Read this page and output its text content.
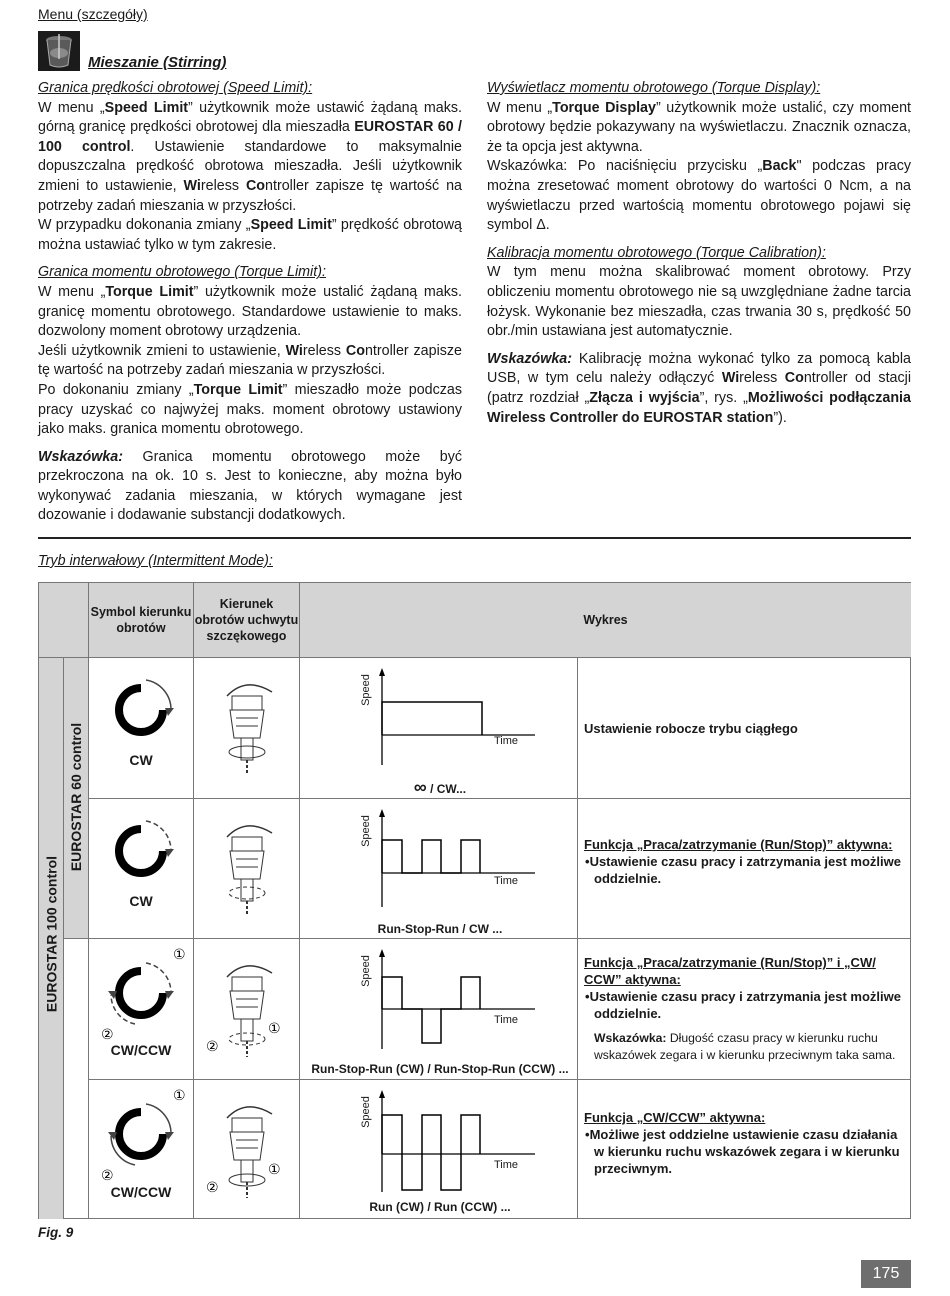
Menu (szczegóły)
Mieszanie (Stirring)

Granica prędkości obrotowej (Speed Limit):

W menu „Speed Limit” użytkownik może ustawić żądaną maks. górną granicę prędkości obrotowej dla mieszadła EUROSTAR 60 / 100 control. Ustawienie standardowe to maksymalnie dopuszczalna prędkość obrotowa mieszadła. Jeśli użytkownik zmieni to ustawienie, Wireless Controller zapisze tę wartość na potrzeby zadań mieszania w przyszłości.

W przypadku dokonania zmiany „Speed Limit” prędkość obrotową można ustawiać tylko w tym zakresie.

Granica momentu obrotowego (Torque Limit):

W menu „Torque Limit” użytkownik może ustalić żądaną maks. granicę momentu obrotowego. Standardowe ustawienie to maks. dozwolony moment obrotowy urządzenia.

Jeśli użytkownik zmieni to ustawienie, Wireless Controller zapisze tę wartość na potrzeby zadań mieszania w przyszłości.

Po dokonaniu zmiany „Torque Limit” mieszadło może podczas pracy uzyskać co najwyżej maks. moment obrotowy ustawiony jako maks. granica momentu obrotowego.

Wskazówka: Granica momentu obrotowego może być przekroczona na ok. 10 s. Jest to konieczne, aby można było wykonywać zadania mieszania, w których wymagane jest dozowanie i dodawanie substancji dodatkowych.

Wyświetlacz momentu obrotowego (Torque Display):

W menu „Torque Display” użytkownik może ustalić, czy moment obrotowy będzie pokazywany na wyświetlaczu. Znacznik oznacza, że ta opcja jest aktywna.

Wskazówka: Po naciśnięciu przycisku „Back" podczas pracy można zresetować moment obrotowy do wartości 0 Ncm, a na wyświetlaczu przed wartością momentu obrotowego pojawi się symbol Δ.

Kalibracja momentu obrotowego (Torque Calibration):

W tym menu można skalibrować moment obrotowy. Przy obliczeniu momentu obrotowego nie są uwzględniane żadne tarcia łożysk. Wykonanie bez mieszadła, czas trwania 30 s, prędkość 50 obr./min ustawiana jest automatycznie.

Wskazówka: Kalibrację można wykonać tylko za pomocą kabla USB, w tym celu należy odłączyć Wireless Controller od stacji (patrz rozdział „Złącza i wyjścia”, rys. „Możliwości podłączania Wireless Controller do EUROSTAR station”).

Tryb interwałowy (Intermittent Mode):
Symbol kierunku obrotów
Kierunek obrotów uchwytu szczękowego
Wykres
EUROSTAR 100 control
EUROSTAR 60 control	CW
Speed
Time
∞ / CW...
Ustawienie robocze trybu ciągłego
CW
Speed
Time
Run-Stop-Run / CW ...
Funkcja „Praca/zatrzymanie (Run/Stop)” aktywna:
•Ustawienie czasu pracy i zatrzymania jest możliwe oddzielnie.
①
②
CW/CCW
①
②
Speed
Time
Run-Stop-Run (CW) / Run-Stop-Run (CCW) ...
Funkcja „Praca/zatrzymanie (Run/Stop)” i „CW/ CCW” aktywna:
•Ustawienie czasu pracy i zatrzymania jest możliwe oddzielnie.
Wskazówka: Długość czasu pracy w kierunku ruchu wskazówek zegara i w kierunku przeciwnym taka sama.
①
②
CW/CCW
①
②
Speed
Time
Run (CW) / Run (CCW) ...
Funkcja „CW/CCW” aktywna:
•Możliwe jest oddzielne ustawienie czasu działania w kierunku ruchu wskazówek zegara i w kierunku przeciwnym.
Fig. 9
175
